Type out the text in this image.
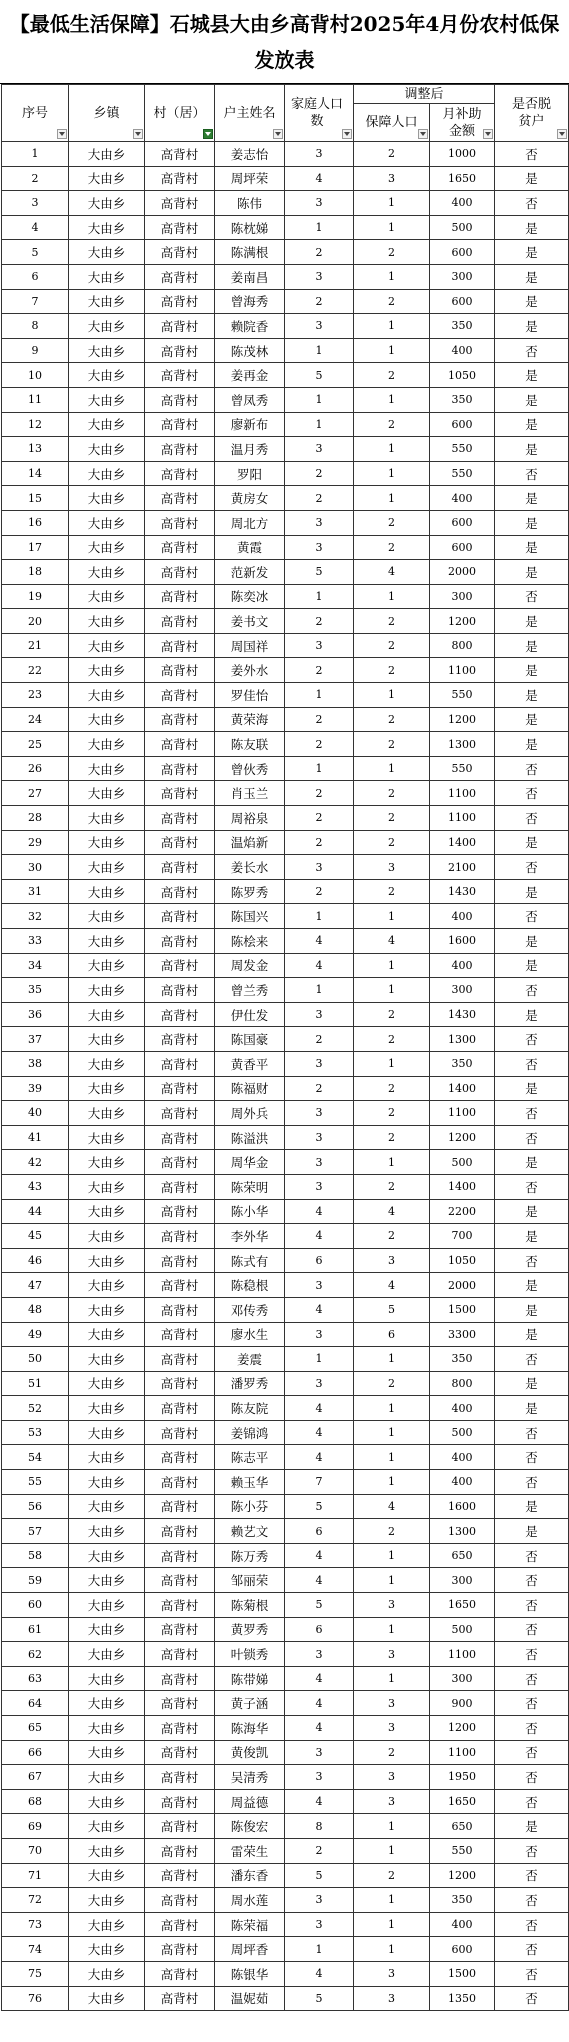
【最低生活保障】石城县大由乡高背村2025年4月份农村低保发放表
序号	乡镇	村（居）	户主姓名	家庭人口数	调整后		是否脱贫户

					保障人口	月补助金额	

1	大由乡	高背村	姜志怡	3	2	1000	否
2	大由乡	高背村	周坪荣	4	3	1650	是
3	大由乡	高背村	陈伟	3	1	400	否
4	大由乡	高背村	陈枕娣	1	1	500	是
5	大由乡	高背村	陈满根	2	2	600	是
6	大由乡	高背村	姜南昌	3	1	300	是
7	大由乡	高背村	曾海秀	2	2	600	是
8	大由乡	高背村	赖院香	3	1	350	是
9	大由乡	高背村	陈茂林	1	1	400	否
10	大由乡	高背村	姜再金	5	2	1050	是
11	大由乡	高背村	曾凤秀	1	1	350	是
12	大由乡	高背村	廖新布	1	2	600	是
13	大由乡	高背村	温月秀	3	1	550	是
14	大由乡	高背村	罗阳	2	1	550	否
15	大由乡	高背村	黄房女	2	1	400	是
16	大由乡	高背村	周北方	3	2	600	是
17	大由乡	高背村	黄霞	3	2	600	是
18	大由乡	高背村	范新发	5	4	2000	是
19	大由乡	高背村	陈奕冰	1	1	300	否
20	大由乡	高背村	姜书文	2	2	1200	是
21	大由乡	高背村	周国祥	3	2	800	是
22	大由乡	高背村	姜外水	2	2	1100	是
23	大由乡	高背村	罗佳怡	1	1	550	是
24	大由乡	高背村	黄荣海	2	2	1200	是
25	大由乡	高背村	陈友联	2	2	1300	是
26	大由乡	高背村	曾伙秀	1	1	550	否
27	大由乡	高背村	肖玉兰	2	2	1100	否
28	大由乡	高背村	周裕泉	2	2	1100	否
29	大由乡	高背村	温焰新	2	2	1400	是
30	大由乡	高背村	姜长水	3	3	2100	否
31	大由乡	高背村	陈罗秀	2	2	1430	是
32	大由乡	高背村	陈国兴	1	1	400	否
33	大由乡	高背村	陈桧来	4	4	1600	是
34	大由乡	高背村	周发金	4	1	400	是
35	大由乡	高背村	曾兰秀	1	1	300	否
36	大由乡	高背村	伊仕发	3	2	1430	是
37	大由乡	高背村	陈国豪	2	2	1300	否
38	大由乡	高背村	黄香平	3	1	350	否
39	大由乡	高背村	陈福财	2	2	1400	是
40	大由乡	高背村	周外兵	3	2	1100	否
41	大由乡	高背村	陈溢洪	3	2	1200	否
42	大由乡	高背村	周华金	3	1	500	是
43	大由乡	高背村	陈荣明	3	2	1400	否
44	大由乡	高背村	陈小华	4	4	2200	是
45	大由乡	高背村	李外华	4	2	700	是
46	大由乡	高背村	陈式有	6	3	1050	否
47	大由乡	高背村	陈稳根	3	4	2000	是
48	大由乡	高背村	邓传秀	4	5	1500	是
49	大由乡	高背村	廖水生	3	6	3300	是
50	大由乡	高背村	姜震	1	1	350	否
51	大由乡	高背村	潘罗秀	3	2	800	是
52	大由乡	高背村	陈友院	4	1	400	是
53	大由乡	高背村	姜锦鸿	4	1	500	否
54	大由乡	高背村	陈志平	4	1	400	否
55	大由乡	高背村	赖玉华	7	1	400	否
56	大由乡	高背村	陈小芬	5	4	1600	是
57	大由乡	高背村	赖艺文	6	2	1300	是
58	大由乡	高背村	陈万秀	4	1	650	否
59	大由乡	高背村	邹丽荣	4	1	300	否
60	大由乡	高背村	陈菊根	5	3	1650	否
61	大由乡	高背村	黄罗秀	6	1	500	否
62	大由乡	高背村	叶锁秀	3	3	1100	否
63	大由乡	高背村	陈带娣	4	1	300	否
64	大由乡	高背村	黄子涵	4	3	900	否
65	大由乡	高背村	陈海华	4	3	1200	否
66	大由乡	高背村	黄俊凯	3	2	1100	否
67	大由乡	高背村	吴清秀	3	3	1950	否
68	大由乡	高背村	周益德	4	3	1650	否
69	大由乡	高背村	陈俊宏	8	1	650	是
70	大由乡	高背村	雷荣生	2	1	550	否
71	大由乡	高背村	潘东香	5	2	1200	否
72	大由乡	高背村	周水莲	3	1	350	否
73	大由乡	高背村	陈荣福	3	1	400	否
74	大由乡	高背村	周坪香	1	1	600	否
75	大由乡	高背村	陈银华	4	3	1500	否
76	大由乡	高背村	温妮茹	5	3	1350	否
